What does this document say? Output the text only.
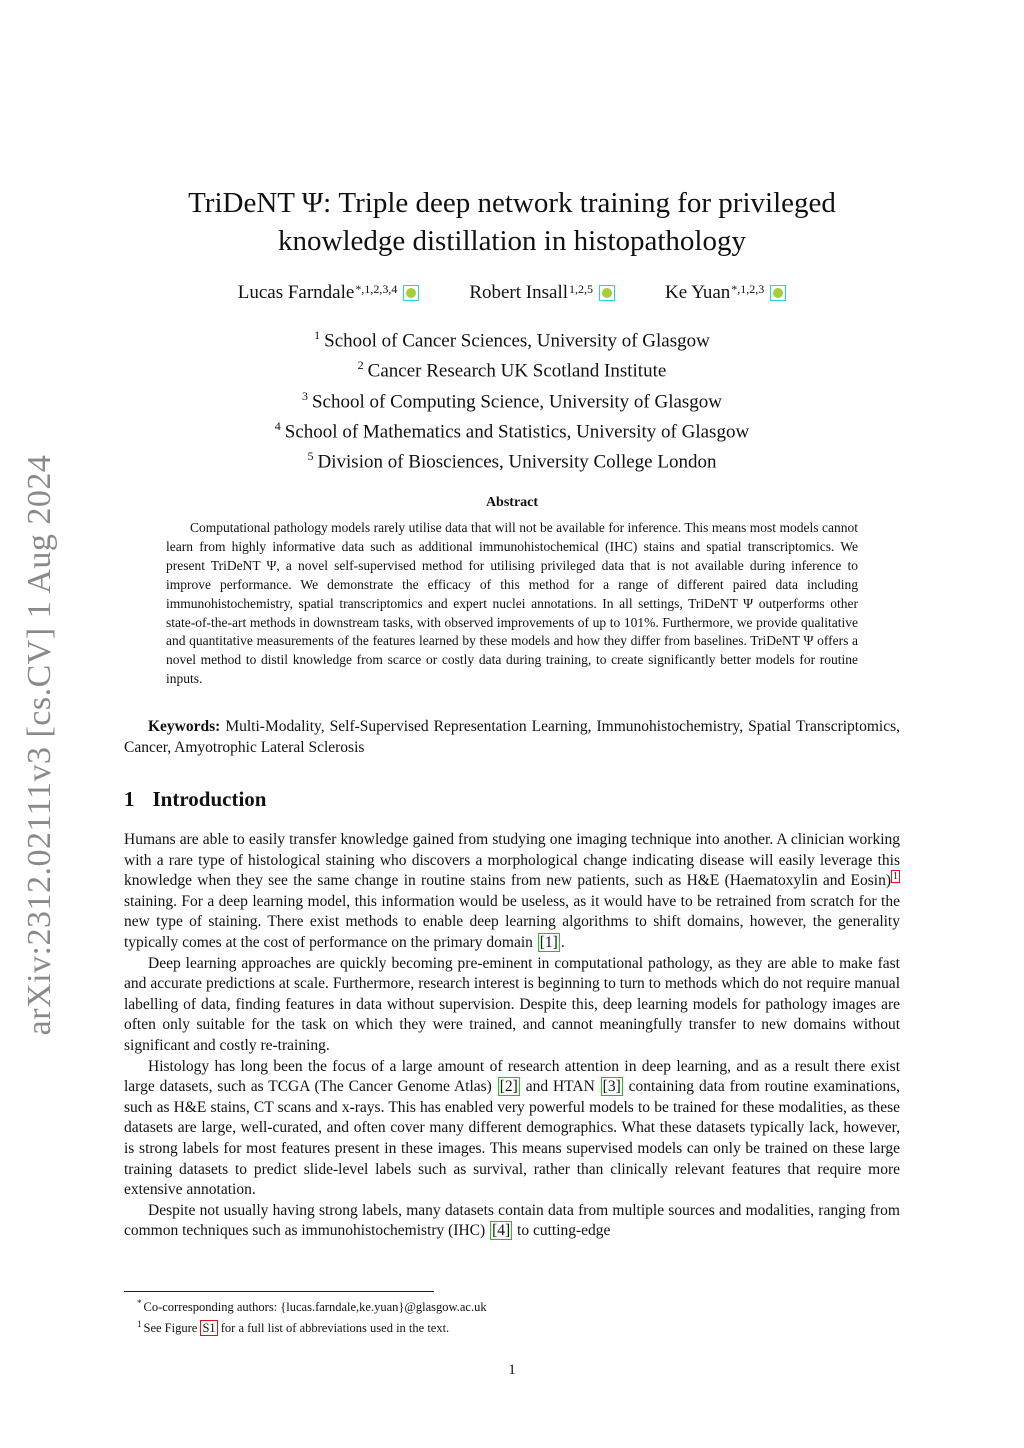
arXiv:2312.02111v3 [cs.CV] 1 Aug 2024
TriDeNT Ψ: Triple deep network training for privileged
knowledge distillation in histopathology
Lucas Farndale *,1,2,3,4	Robert Insall 1,2,5	Ke Yuan *,1,2,3
$^1$ School of Cancer Sciences, University of Glasgow
$^2$ Cancer Research UK Scotland Institute
$^3$ School of Computing Science, University of Glasgow
$^4$ School of Mathematics and Statistics, University of Glasgow
$^5$ Division of Biosciences, University College London
Abstract
Computational pathology models rarely utilise data that will not be available for inference. This means most models cannot learn from highly informative data such as additional immunohistochemical (IHC) stains and spatial transcriptomics. We present TriDeNT Ψ, a novel self-supervised method for utilising privileged data that is not available during inference to improve performance. We demonstrate the efficacy of this method for a range of different paired data including immunohistochemistry, spatial transcriptomics and expert nuclei annotations. In all settings, TriDeNT Ψ outperforms other state-of-the-art methods in downstream tasks, with observed improvements of up to 101%. Furthermore, we provide qualitative and quantitative measurements of the features learned by these models and how they differ from baselines. TriDeNT Ψ offers a novel method to distil knowledge from scarce or costly data during training, to create significantly better models for routine inputs.
Keywords: Multi-Modality, Self-Supervised Representation Learning, Immunohistochemistry, Spatial Transcriptomics, Cancer, Amyotrophic Lateral Sclerosis
1 Introduction

Humans are able to easily transfer knowledge gained from studying one imaging technique into another. A clinician working with a rare type of histological staining who discovers a morphological change indicating disease will easily leverage this knowledge when they see the same change in routine stains from new patients, such as H&E (Haematoxylin and Eosin) $^1$ staining. For a deep learning model, this information would be useless, as it would have to be retrained from scratch for the new type of staining. There exist methods to enable deep learning algorithms to shift domains, however, the generality typically comes at the cost of performance on the primary domain [1] .

Deep learning approaches are quickly becoming pre-eminent in computational pathology, as they are able to make fast and accurate predictions at scale. Furthermore, research interest is beginning to turn to methods which do not require manual labelling of data, finding features in data without supervision. Despite this, deep learning models for pathology images are often only suitable for the task on which they were trained, and cannot meaningfully transfer to new domains without significant and costly re-training.

Histology has long been the focus of a large amount of research attention in deep learning, and as a result there exist large datasets, such as TCGA (The Cancer Genome Atlas) [2] and HTAN [3] containing data from routine examinations, such as H&E stains, CT scans and x-rays. This has enabled very powerful models to be trained for these modalities, as these datasets are large, well-curated, and often cover many different demographics. What these datasets typically lack, however, is strong labels for most features present in these images. This means supervised models can only be trained on these large training datasets to predict slide-level labels such as survival, rather than clinically relevant features that require more extensive annotation.

Despite not usually having strong labels, many datasets contain data from multiple sources and modalities, ranging from common techniques such as immunohistochemistry (IHC) [4] to cutting-edge

* Co-corresponding authors: {lucas.farndale,ke.yuan}@glasgow.ac.uk

$^1$ See Figure S1 for a full list of abbreviations used in the text.

1
